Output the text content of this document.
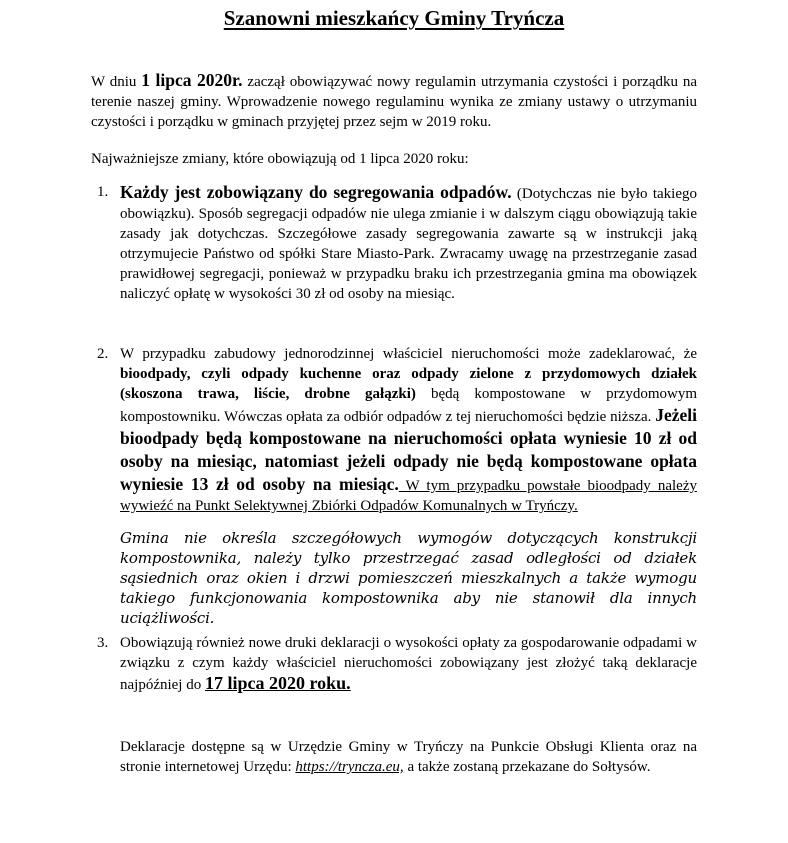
Szanowni mieszkańcy Gminy Tryńcza
W dniu 1 lipca 2020r. zaczął obowiązywać nowy regulamin utrzymania czystości i porządku na terenie naszej gminy. Wprowadzenie nowego regulaminu wynika ze zmiany ustawy o utrzymaniu czystości i porządku w gminach przyjętej przez sejm w 2019 roku.
Najważniejsze zmiany, które obowiązują od 1 lipca 2020 roku:
1. Każdy jest zobowiązany do segregowania odpadów. (Dotychczas nie było takiego obowiązku). Sposób segregacji odpadów nie ulega zmianie i w dalszym ciągu obowiązują takie zasady jak dotychczas. Szczegółowe zasady segregowania zawarte są w instrukcji jaką otrzymujecie Państwo od spółki Stare Miasto-Park. Zwracamy uwagę na przestrzeganie zasad prawidłowej segregacji, ponieważ w przypadku braku ich przestrzegania gmina ma obowiązek naliczyć opłatę w wysokości 30 zł od osoby na miesiąc.
2. W przypadku zabudowy jednorodzinnej właściciel nieruchomości może zadeklarować, że bioodpady, czyli odpady kuchenne oraz odpady zielone z przydomowych działek (skoszona trawa, liście, drobne gałązki) będą kompostowane w przydomowym kompostowniku. Wówczas opłata za odbiór odpadów z tej nieruchomości będzie niższa. Jeżeli bioodpady będą kompostowane na nieruchomości opłata wyniesie 10 zł od osoby na miesiąc, natomiast jeżeli odpady nie będą kompostowane opłata wyniesie 13 zł od osoby na miesiąc. W tym przypadku powstałe bioodpady należy wywieźć na Punkt Selektywnej Zbiórki Odpadów Komunalnych w Tryńczy.
Gmina nie określa szczegółowych wymogów dotyczących konstrukcji kompostownika, należy tylko przestrzegać zasad odległości od działek sąsiednich oraz okien i drzwi pomieszczeń mieszkalnych a także wymogu takiego funkcjonowania kompostownika aby nie stanowił dla innych uciążliwości.
3. Obowiązują również nowe druki deklaracji o wysokości opłaty za gospodarowanie odpadami w związku z czym każdy właściciel nieruchomości zobowiązany jest złożyć taką deklaracje najpóźniej do 17 lipca 2020 roku.
Deklaracje dostępne są w Urzędzie Gminy w Tryńczy na Punkcie Obsługi Klienta oraz na stronie internetowej Urzędu: https://tryncza.eu, a także zostaną przekazane do Sołtysów.
